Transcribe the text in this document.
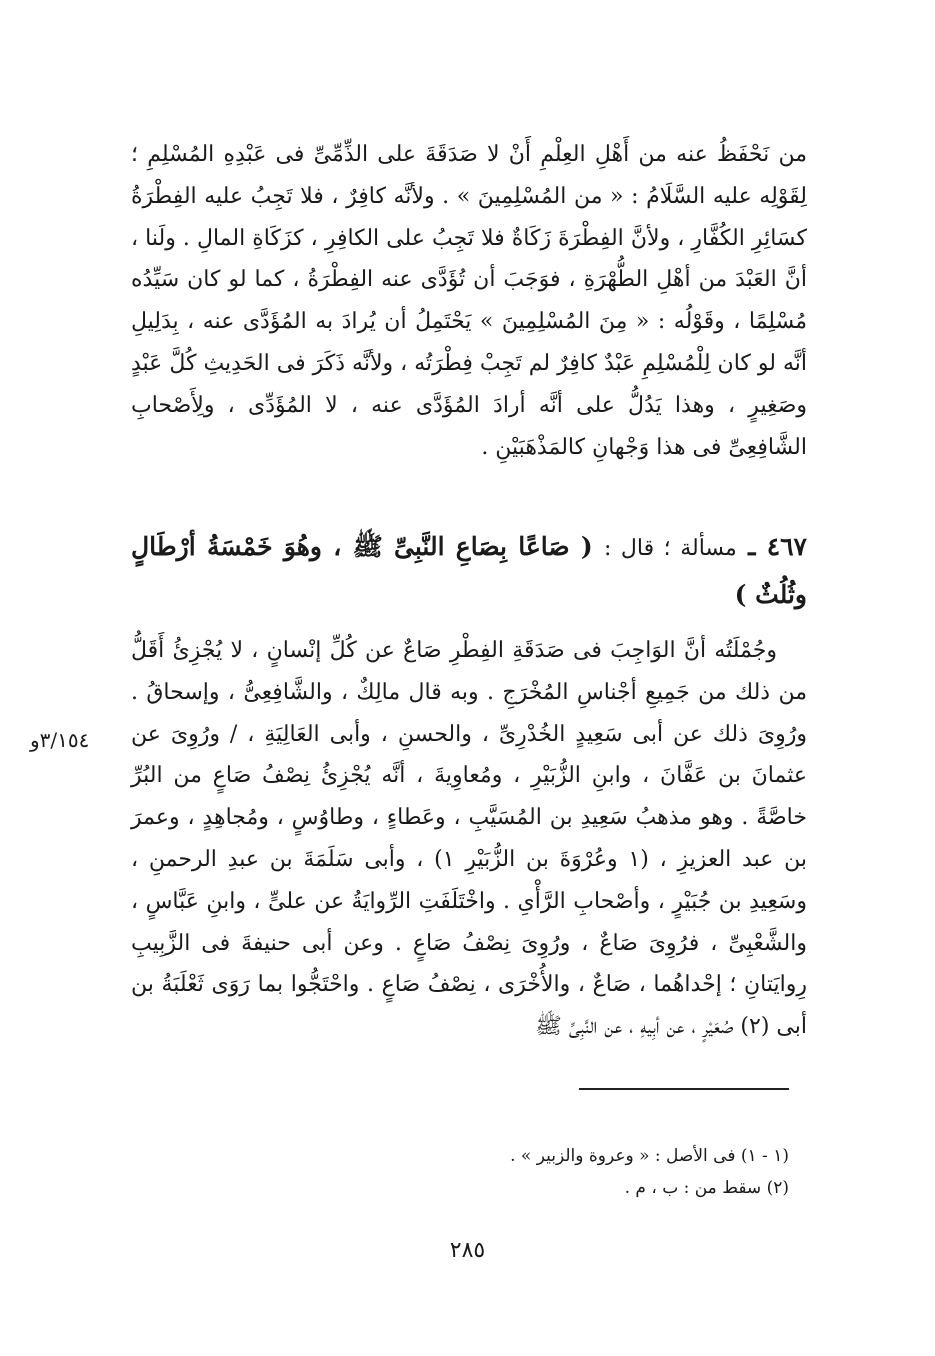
من نَحْفَظُ عنه من أَهْلِ العِلْمِ أَنْ لا صَدَقَةَ على الذِّمِّىِّ فى عَبْدِهِ المُسْلِمِ ؛ لِقَوْلِه عليه السَّلَامُ : « من المُسْلِمِينَ » . ولأنَّه كافِرٌ ، فلا تَجِبُ عليه الفِطْرَةُ كسَائِرِ الكُفَّارِ ، ولأنَّ الفِطْرَةَ زَكَاةٌ فلا تَجِبُ على الكافِرِ ، كزَكَاةِ المالِ . ولَنا ، أنَّ العَبْدَ من أهْلِ الطُّهْرَةِ ، فوَجَبَ أن تُؤَدَّى عنه الفِطْرَةُ ، كما لو كان سَيِّدُه مُسْلِمًا ، وقَوْلُه : « مِنَ المُسْلِمِينَ » يَحْتَمِلُ أن يُرادَ به المُؤَدَّى عنه ، بِدَلِيلِ أنَّه لو كان لِلْمُسْلِمِ عَبْدٌ كافِرٌ لم تَجِبْ فِطْرَتُه ، ولأنَّه ذَكَرَ فى الحَدِيثِ كُلَّ عَبْدٍ وصَغِيرٍ ، وهذا يَدُلُّ على أنَّه أرادَ المُؤَدَّى عنه ، لا المُؤَدِّى ، ولِأَصْحابِ الشَّافِعِىِّ فى هذا وَجْهانِ كالمَذْهَبَيْنِ .

٤٦٧ ـ مسألة ؛ قال : ( صَاعًا بِصَاعِ النَّبِىِّ ﷺ ، وهُوَ خَمْسَةُ أرْطَالٍ وثُلُثٌ )

وجُمْلَتُه أنَّ الوَاجِبَ فى صَدَقَةِ الفِطْرِ صَاعٌ عن كُلِّ إنْسانٍ ، لا يُجْزِئُ أَقَلُّ من ذلك من جَمِيعِ أجْناسِ المُخْرَجِ . وبه قال مالِكٌ ، والشَّافِعِىُّ ، وإسحاقُ . ورُوِىَ ذلك عن أبى سَعِيدٍ الخُدْرِىِّ ، والحسنِ ، وأبى العَالِيَةِ ، / ورُوِىَ عن عثمانَ بن عَفَّانَ ، وابنِ الزُّبَيْرِ ، ومُعاوِيةَ ، أنَّه يُجْزِئُ نِصْفُ صَاعٍ من البُرِّ خاصَّةً . وهو مذهبُ سَعِيدِ بن المُسَيَّبِ ، وعَطاءٍ ، وطاوُسٍ ، ومُجاهِدٍ ، وعمرَ بن عبد العزيزِ ، (١ وعُرْوَةَ بن الزُّبَيْرِ ١) ، وأبى سَلَمَةَ بن عبدِ الرحمنِ ، وسَعِيدِ بن جُبَيْرٍ ، وأصْحابِ الرَّأْىِ . واخْتَلَفَتِ الرِّوايَةُ عن علىٍّ ، وابنِ عَبَّاسٍ ، والشَّعْبِىِّ ، فرُوِىَ صَاعٌ ، ورُوِىَ نِصْفُ صَاعٍ . وعن أبى حنيفةَ فى الزَّبِيبِ رِوايَتانِ ؛ إحْداهُما ، صَاعٌ ، والأُخْرَى ، نِصْفُ صَاعٍ . واحْتَجُّوا بما رَوَى ثَعْلَبَةُ بن أبى (٢) صُعَيْرٍ ، عن أبِيهِ ، عن النَّبِىِّ ﷺ

٣/١٥٤و

(١ - ١) فى الأصل : « وعروة والزبير » .

(٢) سقط من : ب ، م .

٢٨٥
